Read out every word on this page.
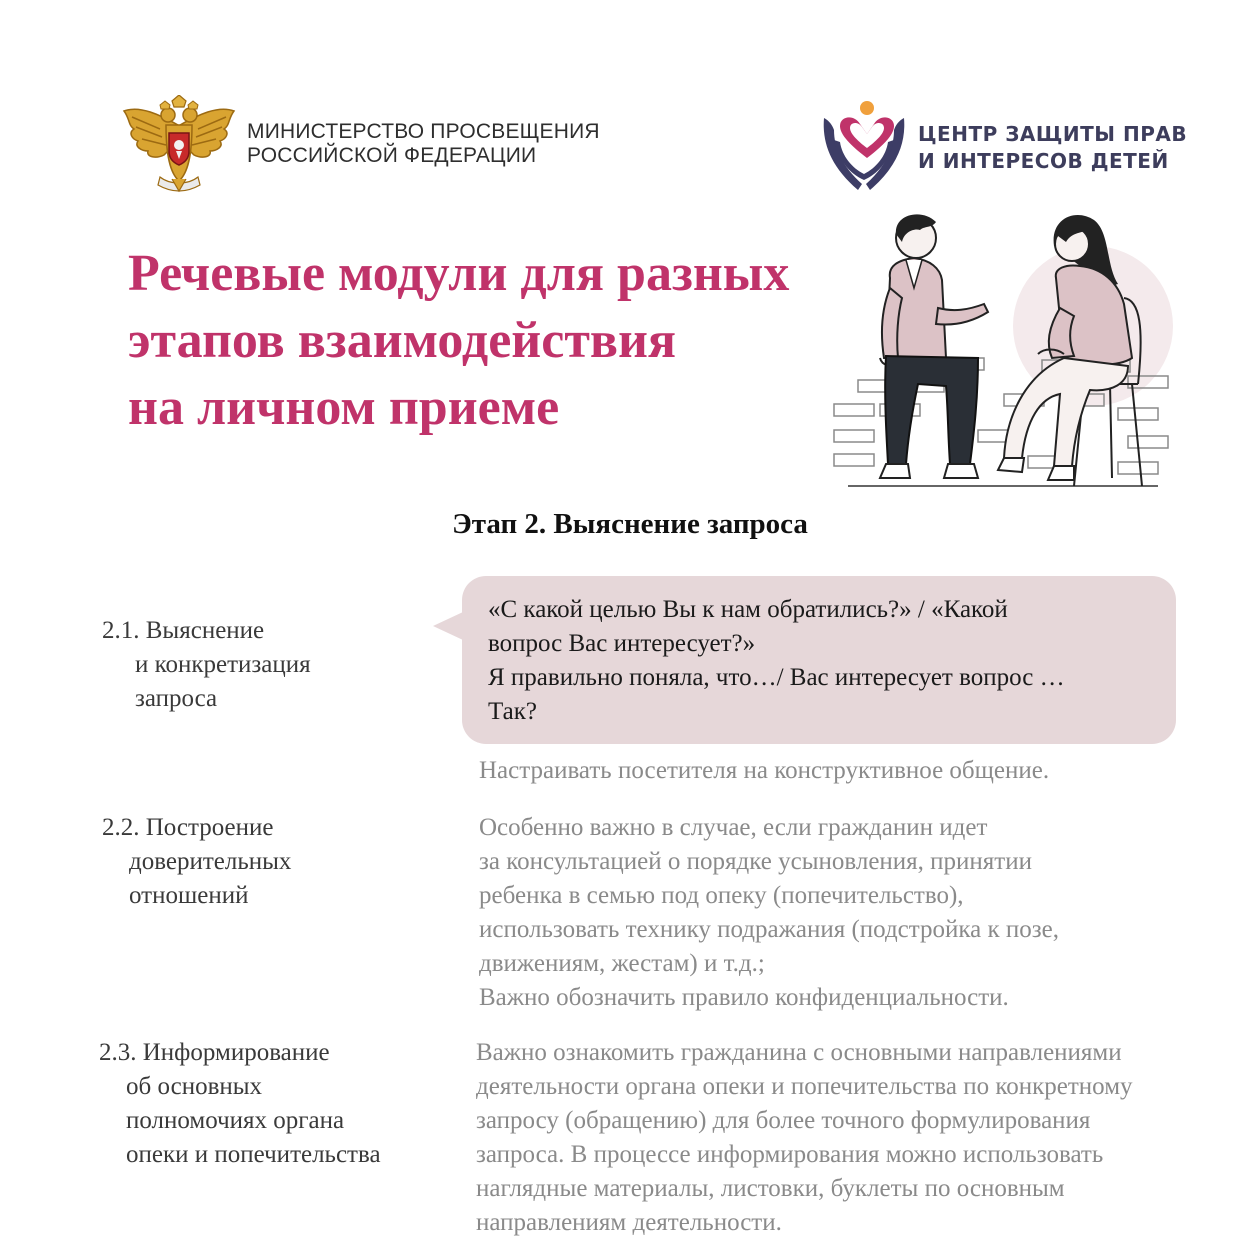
МИНИСТЕРСТВО ПРОСВЕЩЕНИЯ
РОССИЙСКОЙ ФЕДЕРАЦИИ
ЦЕНТР ЗАЩИТЫ ПРАВ
И ИНТЕРЕСОВ ДЕТЕЙ
Речевые модули для разных
этапов взаимодействия
на личном приеме
Этап 2. Выяснение запроса
«С какой целью Вы к нам обратились?» / «Какой
вопрос Вас интересует?»
Я правильно поняла, что…/ Вас интересует вопрос …
Так?
2.1. Выяснение
и конкретизация
запроса
Настраивать посетителя на конструктивное общение.
2.2. Построение
доверительных
отношений
Особенно важно в случае, если гражданин идет
за консультацией о порядке усыновления, принятии
ребенка в семью под опеку (попечительство),
использовать технику подражания (подстройка к позе,
движениям, жестам) и т.д.;
Важно обозначить правило конфиденциальности.
2.3. Информирование
об основных
полномочиях органа
опеки и попечительства
Важно ознакомить гражданина с основными направлениями
деятельности органа опеки и попечительства по конкретному
запросу (обращению) для более точного формулирования
запроса. В процессе информирования можно использовать
наглядные материалы, листовки, буклеты по основным
направлениям деятельности.
